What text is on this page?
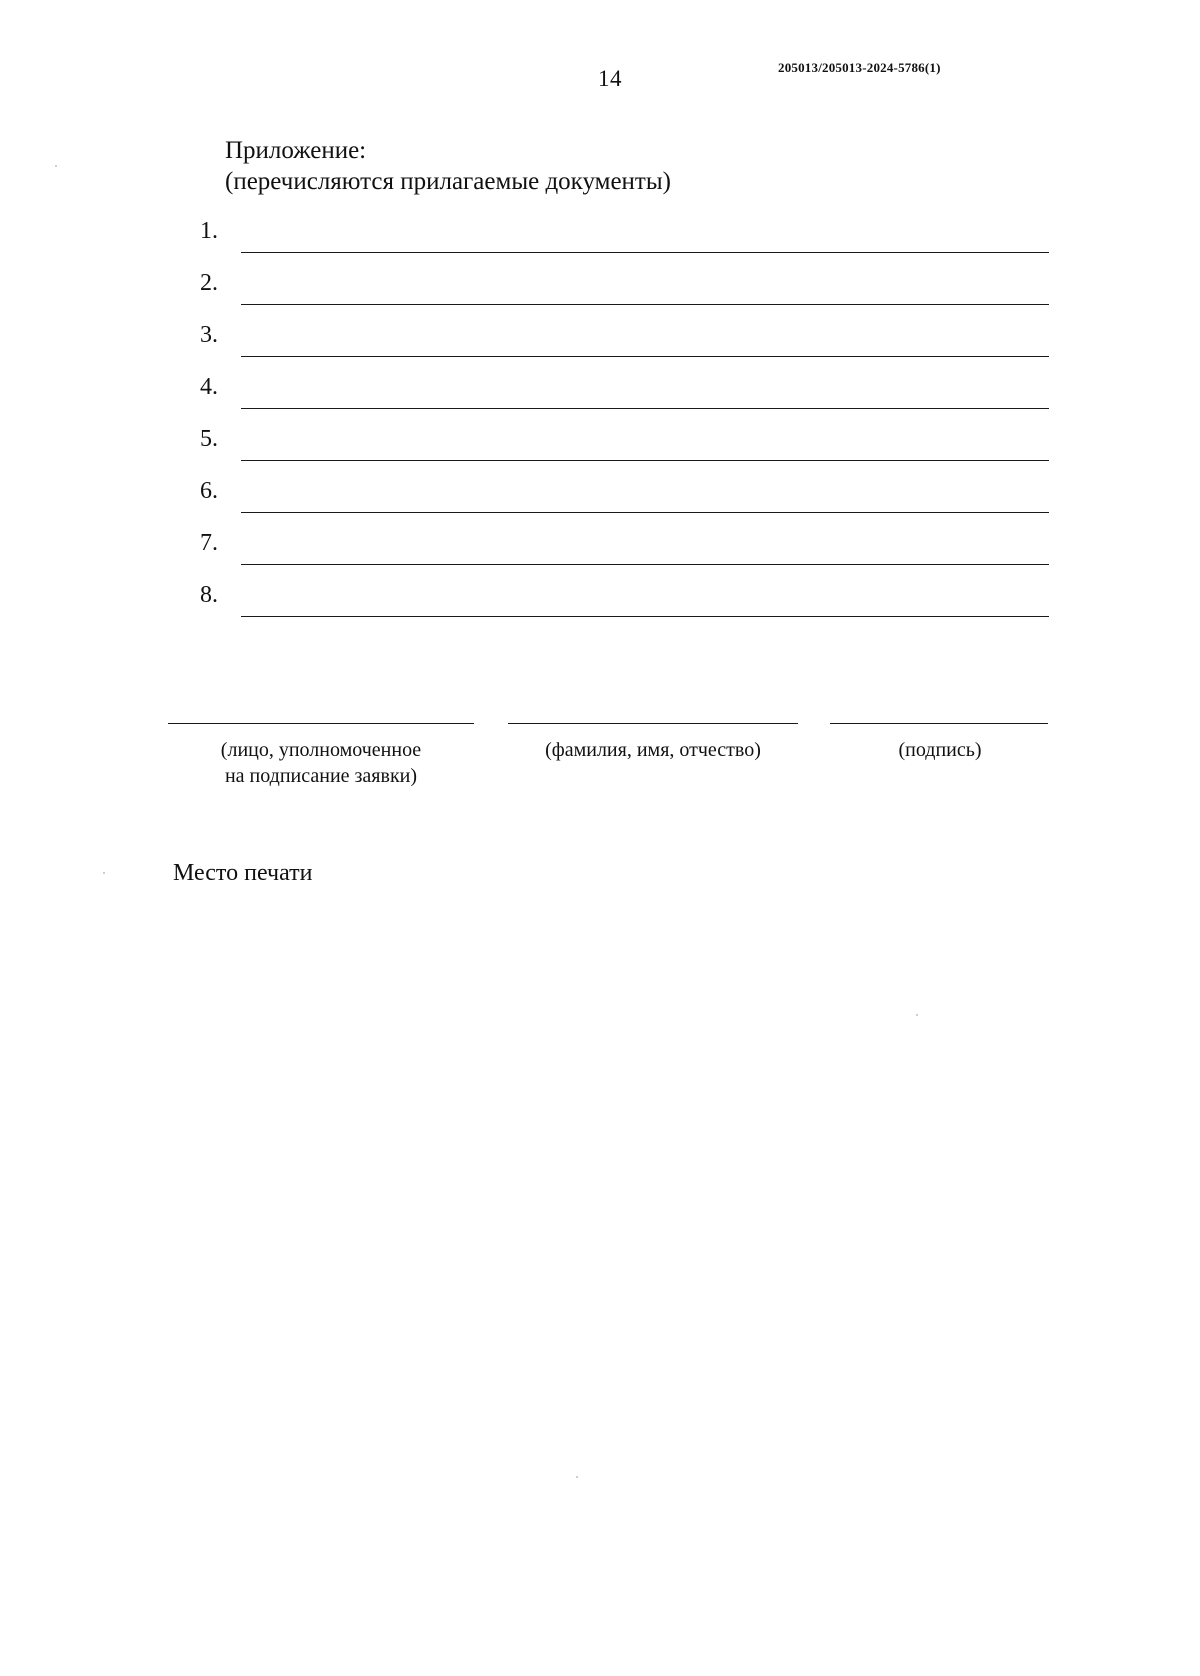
14	205013/205013-2024-5786(1)
Приложение:
(перечисляются прилагаемые документы)
1.
2.
3.
4.
5.
6.
7.
8.
(лицо, уполномоченное
на подписание заявки)
(фамилия, имя, отчество)	(подпись)
Место печати
